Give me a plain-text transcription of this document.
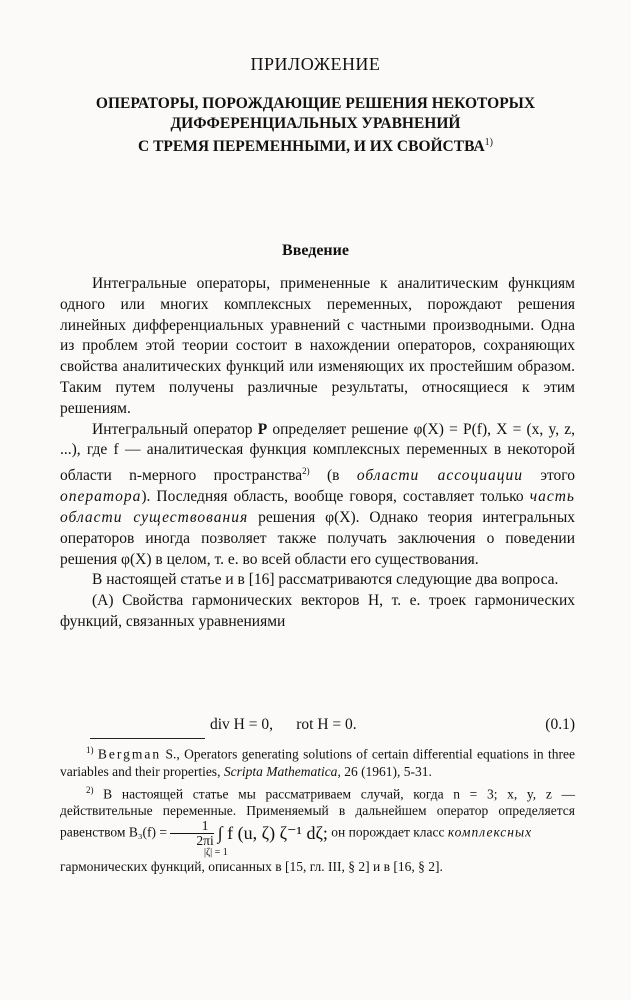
ПРИЛОЖЕНИЕ
ОПЕРАТОРЫ, ПОРОЖДАЮЩИЕ РЕШЕНИЯ НЕКОТОРЫХ
ДИФФЕРЕНЦИАЛЬНЫХ УРАВНЕНИЙ
С ТРЕМЯ ПЕРЕМЕННЫМИ, И ИХ СВОЙСТВА$^{1)}$
Введение

Интегральные операторы, примененные к аналитическим функциям одного или многих комплексных переменных, порождают решения линейных дифференциальных уравнений с частными производными. Одна из проблем этой теории состоит в нахождении операторов, сохраняющих свойства аналитических функций или изменяющих их простейшим образом. Таким путем получены различные результаты, относящиеся к этим решениям.

Интегральный оператор P определяет решение φ(X) = P(f), X = (x, y, z, ...), где f — аналитическая функция комплексных переменных в некоторой области n-мерного пространства$^{2)}$ (в области ассоциации этого оператора). Последняя область, вообще говоря, составляет только часть области существования решения φ(X). Однако теория интегральных операторов иногда позволяет также получать заключения о поведении решения φ(X) в целом, т. е. во всей области его существования.

В настоящей статье и в [16] рассматриваются следующие два вопроса.

(А) Свойства гармонических векторов H, т. е. троек гармонических функций, связанных уравнениями

div H = 0,      rot H = 0.	(0.1)

$^{1)}$ Bergman S., Operators generating solutions of certain differential equations in three variables and their properties, Scripta Mathematica, 26 (1961), 5-31.

$^{2)}$ В настоящей статье мы рассматриваем случай, когда n = 3; x, y, z — действительные переменные. Применяемый в дальнейшем оператор определяется равенством $B_3(f) = \frac{1}{2\pi i}$ ∫ f (u, ζ) ζ⁻¹ dζ; он порождает класс комплексных
|ζ| = 1
гармонических функций, описанных в [15, гл. III, § 2] и в [16, § 2].
